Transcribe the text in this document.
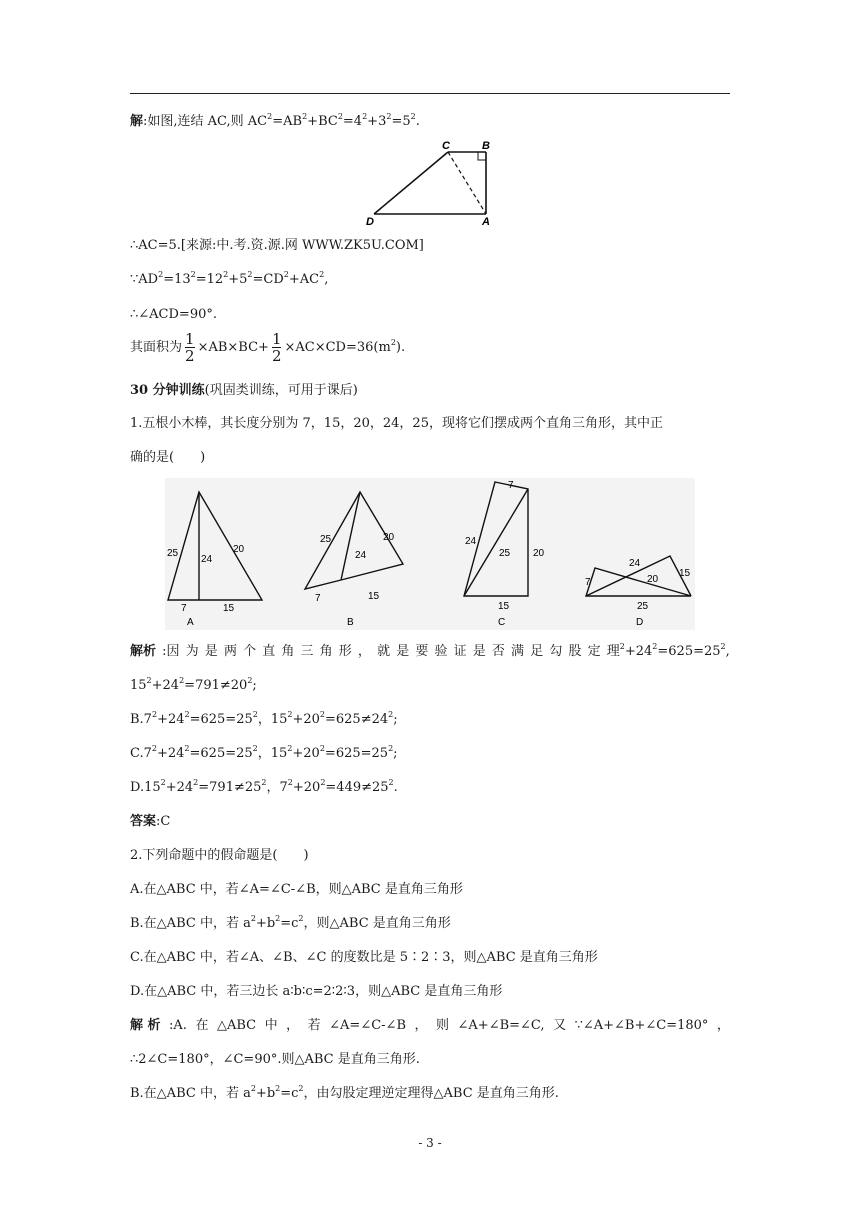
解:如图,连结 AC,则 $AC^2=AB^2+BC^2=4^2+3^2=5^2$.
C	B
D	A
∴AC=5.[来源:中.考.资.源.网 WWW.ZK5U.COM]
$\because AD^2=13^2=12^2+5^2=CD^2+AC^2$,
∴∠ACD=90°.
其面积为 $\frac{1}{2} \times AB\times BC+ \frac{1}{2} \times AC\times CD=36(m^2)$.
30 分钟训练(巩固类训练，可用于课后)
1.五根小木棒，其长度分别为 7，15，20，24，25，现将它们摆成两个直角三角形，其中正
确的是(　　)
25
24
20
7	15
A
25
24
20
7	15
B
7
24
25 20
15
C
7
24
20
15
25
D
解析 :因 为 是 两 个 直 角 三 角 形 ， 就 是 要 验 证 是 否 满 足 勾 股 定 理$^2+24^2=625=25^2$,
$15^2+24^2=791\ne 20^2$;
$B.7^2+24^2=625=25^2$，$15^2+20^2=625\ne 24^2$;
$C.7^2+24^2=625=25^2$，$15^2+20^2=625=25^2$;
$D.15^2+24^2=791\ne 25^2$，$7^2+20^2=449\ne 25^2$.
答案:C
2.下列命题中的假命题是(　　)
A.在△ABC 中，若∠A=∠C-∠B，则△ABC 是直角三角形
B.在△ABC 中，若 $a^2+b^2=c^2$，则△ABC 是直角三角形
C.在△ABC 中，若∠A、∠B、∠C 的度数比是 5∶2∶3，则△ABC 是直角三角形
D.在△ABC 中，若三边长 a∶b∶c=2∶2∶3，则△ABC 是直角三角形
解 析 :A. 在 △ABC 中 ， 若 ∠A=∠C-∠B ， 则 ∠A+∠B=∠C, 又 ∵∠A+∠B+∠C=180° ，
∴2∠C=180°，∠C=90°.则△ABC 是直角三角形.
B.在△ABC 中，若 $a^2+b^2=c^2$，由勾股定理逆定理得△ABC 是直角三角形.
- 3 -
